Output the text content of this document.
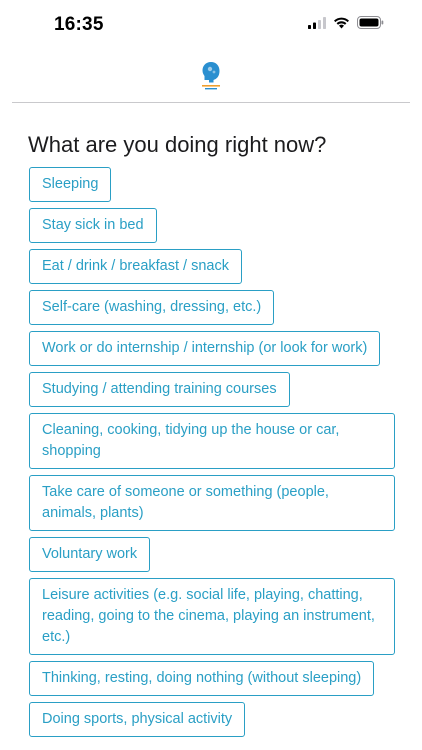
16:35
What are you doing right now?
Sleeping
Stay sick in bed
Eat / drink / breakfast / snack
Self-care (washing, dressing, etc.)
Work or do internship / internship (or look for work)
Studying / attending training courses
Cleaning, cooking, tidying up the house or car, shopping
Take care of someone or something (people, animals, plants)
Voluntary work
Leisure activities (e.g. social life, playing, chatting, reading, going to the cinema, playing an instrument, etc.)
Thinking, resting, doing nothing (without sleeping)
Doing sports, physical activity
